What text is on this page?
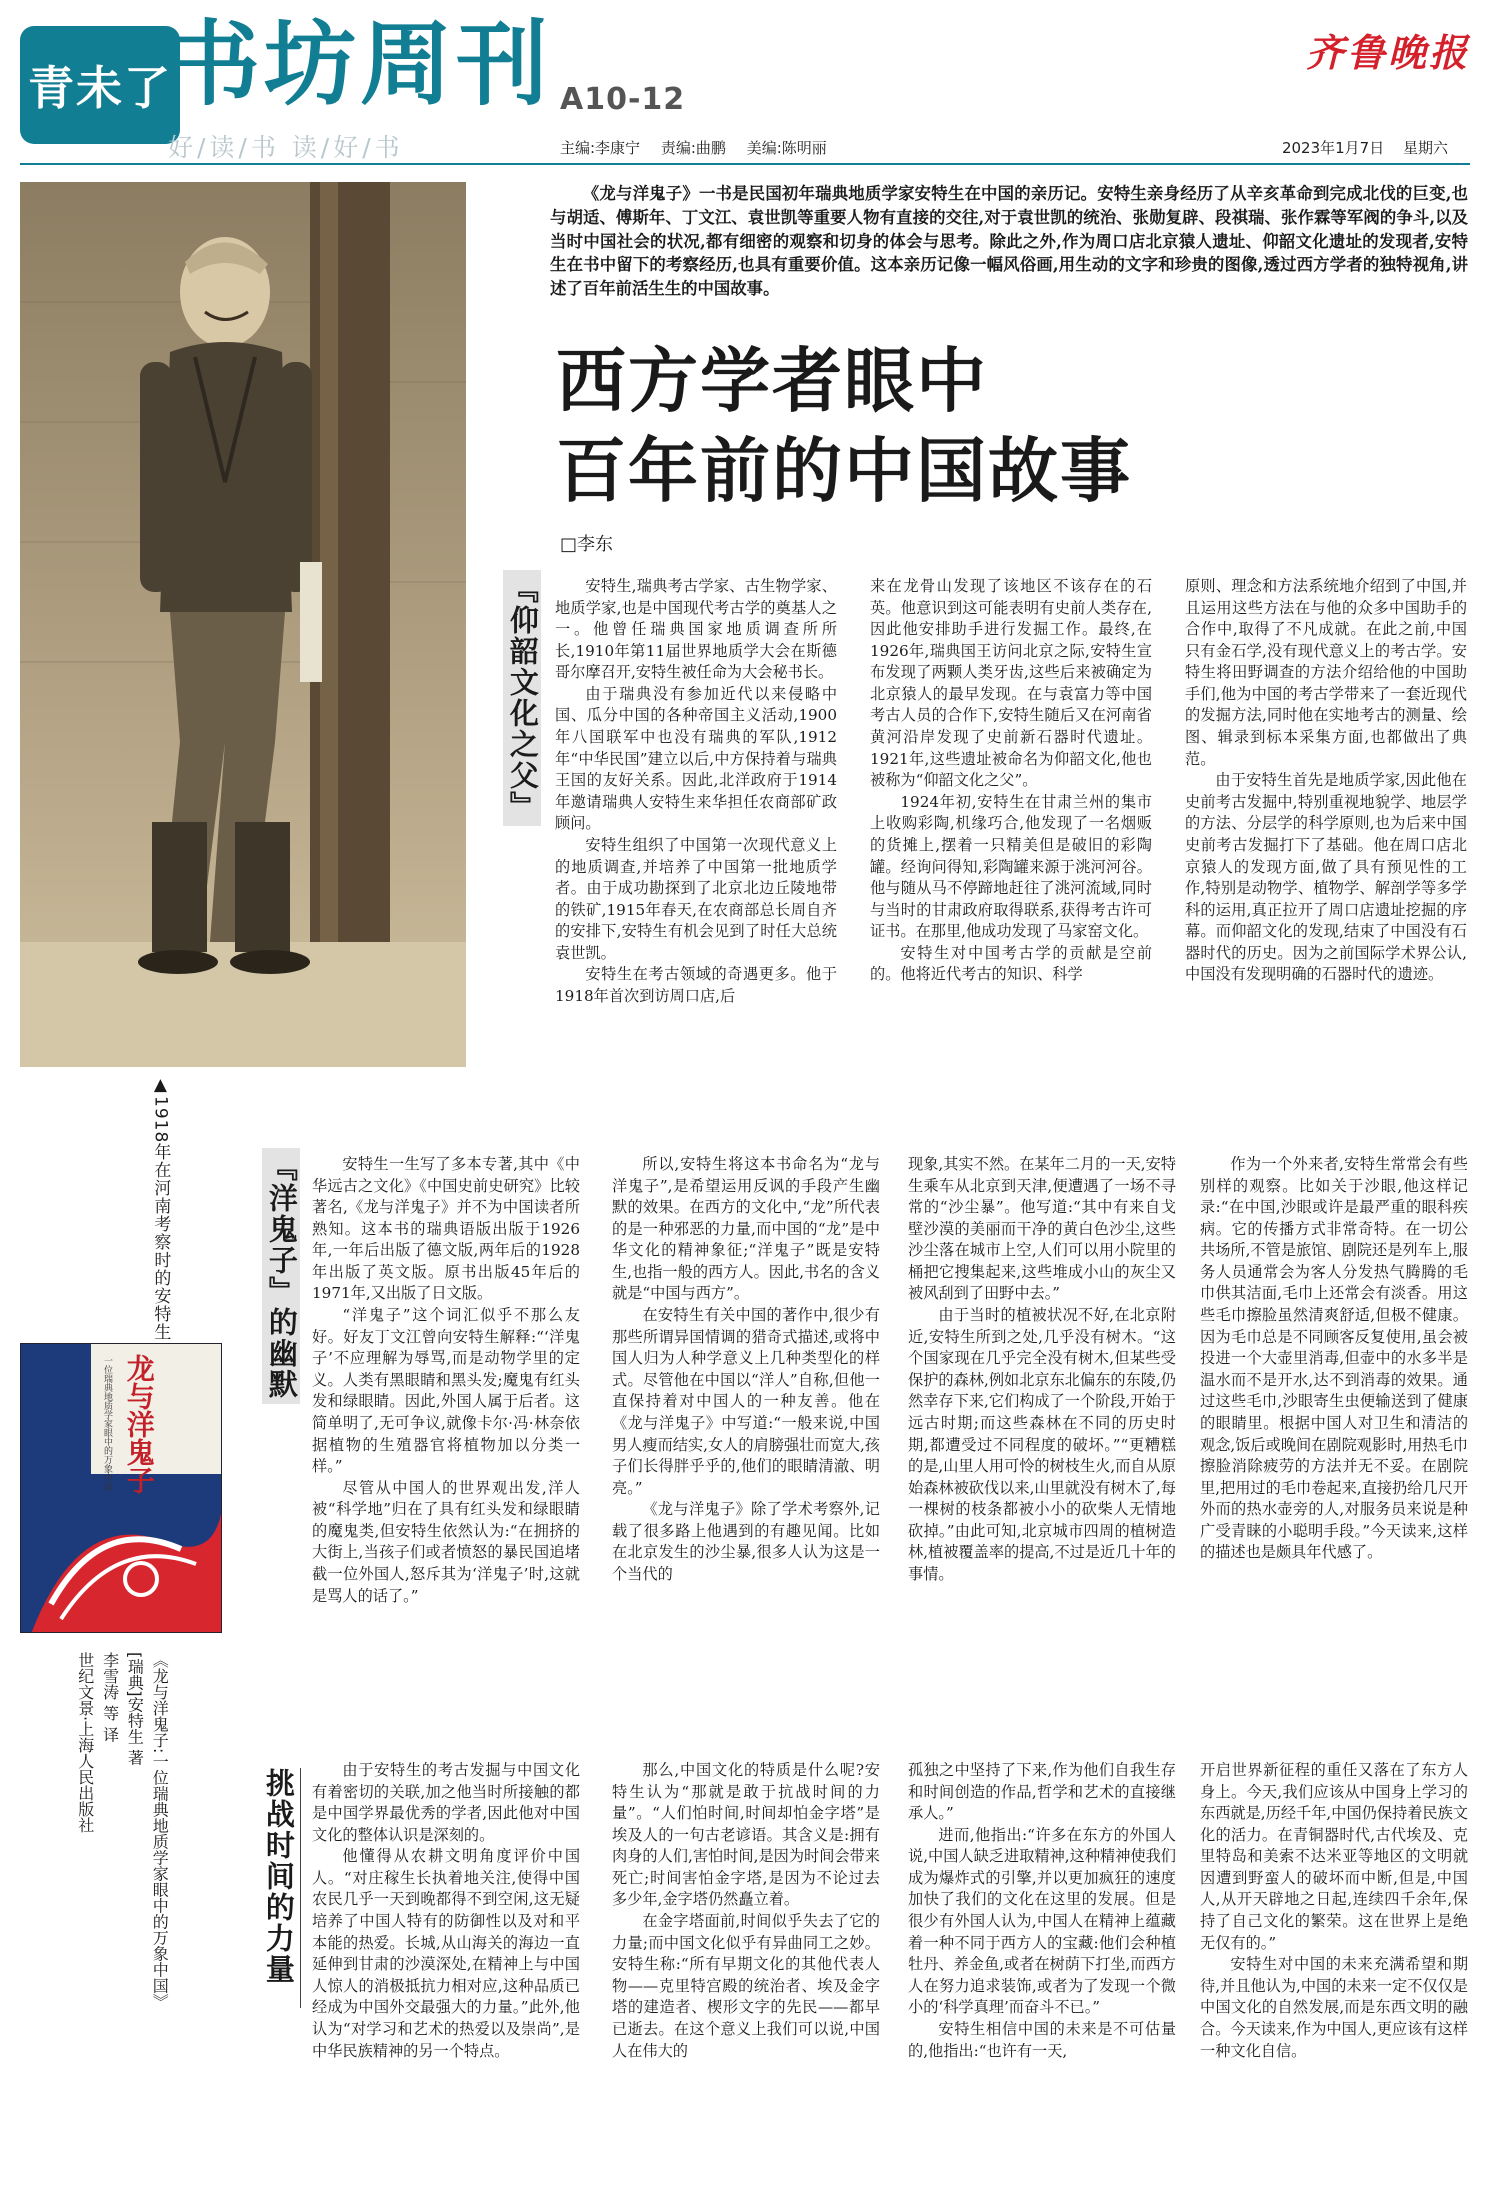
青未了
书坊周刊 A10-12
好/读/书 读/好/书
齐鲁晚报
主编:李康宁 责编:曲鹏 美编:陈明丽	2023年1月7日 星期六
▲1918年在河南考察时的安特生
《龙与洋鬼子》一书是民国初年瑞典地质学家安特生在中国的亲历记。安特生亲身经历了从辛亥革命到完成北伐的巨变,也与胡适、傅斯年、丁文江、袁世凯等重要人物有直接的交往,对于袁世凯的统治、张勋复辟、段祺瑞、张作霖等军阀的争斗,以及当时中国社会的状况,都有细密的观察和切身的体会与思考。除此之外,作为周口店北京猿人遗址、仰韶文化遗址的发现者,安特生在书中留下的考察经历,也具有重要价值。这本亲历记像一幅风俗画,用生动的文字和珍贵的图像,透过西方学者的独特视角,讲述了百年前活生生的中国故事。
西方学者眼中
百年前的中国故事
□李东
『仰韶文化之父』	安特生,瑞典考古学家、古生物学家、地质学家,也是中国现代考古学的奠基人之一。他曾任瑞典国家地质调查所所长,1910年第11届世界地质学大会在斯德哥尔摩召开,安特生被任命为大会秘书长。

由于瑞典没有参加近代以来侵略中国、瓜分中国的各种帝国主义活动,1900年八国联军中也没有瑞典的军队,1912年“中华民国”建立以后,中方保持着与瑞典王国的友好关系。因此,北洋政府于1914年邀请瑞典人安特生来华担任农商部矿政顾问。

安特生组织了中国第一次现代意义上的地质调查,并培养了中国第一批地质学者。由于成功勘探到了北京北边丘陵地带的铁矿,1915年春天,在农商部总长周自齐的安排下,安特生有机会见到了时任大总统袁世凯。

安特生在考古领域的奇遇更多。他于1918年首次到访周口店,后

来在龙骨山发现了该地区不该存在的石英。他意识到这可能表明有史前人类存在,因此他安排助手进行发掘工作。最终,在1926年,瑞典国王访问北京之际,安特生宣布发现了两颗人类牙齿,这些后来被确定为北京猿人的最早发现。在与袁富力等中国考古人员的合作下,安特生随后又在河南省黄河沿岸发现了史前新石器时代遗址。1921年,这些遗址被命名为仰韶文化,他也被称为“仰韶文化之父”。

1924年初,安特生在甘肃兰州的集市上收购彩陶,机缘巧合,他发现了一名烟贩的货摊上,摆着一只精美但是破旧的彩陶罐。经询问得知,彩陶罐来源于洮河河谷。他与随从马不停蹄地赶往了洮河流域,同时与当时的甘肃政府取得联系,获得考古许可证书。在那里,他成功发现了马家窑文化。

安特生对中国考古学的贡献是空前的。他将近代考古的知识、科学

原则、理念和方法系统地介绍到了中国,并且运用这些方法在与他的众多中国助手的合作中,取得了不凡成就。在此之前,中国只有金石学,没有现代意义上的考古学。安特生将田野调查的方法介绍给他的中国助手们,他为中国的考古学带来了一套近现代的发掘方法,同时他在实地考古的测量、绘图、辑录到标本采集方面,也都做出了典范。

由于安特生首先是地质学家,因此他在史前考古发掘中,特别重视地貌学、地层学的方法、分层学的科学原则,也为后来中国史前考古发掘打下了基础。他在周口店北京猿人的发现方面,做了具有预见性的工作,特别是动物学、植物学、解剖学等多学科的运用,真正拉开了周口店遗址挖掘的序幕。而仰韶文化的发现,结束了中国没有石器时代的历史。因为之前国际学术界公认,中国没有发现明确的石器时代的遗迹。

『洋鬼子』的幽默	安特生一生写了多本专著,其中《中华远古之文化》《中国史前史研究》比较著名,《龙与洋鬼子》并不为中国读者所熟知。这本书的瑞典语版出版于1926年,一年后出版了德文版,两年后的1928年出版了英文版。原书出版45年后的1971年,又出版了日文版。

“洋鬼子”这个词汇似乎不那么友好。好友丁文江曾向安特生解释:“‘洋鬼子’不应理解为辱骂,而是动物学里的定义。人类有黑眼睛和黑头发;魔鬼有红头发和绿眼睛。因此,外国人属于后者。这简单明了,无可争议,就像卡尔·冯·林奈依据植物的生殖器官将植物加以分类一样。”

尽管从中国人的世界观出发,洋人被“科学地”归在了具有红头发和绿眼睛的魔鬼类,但安特生依然认为:“在拥挤的大街上,当孩子们或者愤怒的暴民国追堵截一位外国人,怒斥其为‘洋鬼子’时,这就是骂人的话了。”

所以,安特生将这本书命名为“龙与洋鬼子”,是希望运用反讽的手段产生幽默的效果。在西方的文化中,“龙”所代表的是一种邪恶的力量,而中国的“龙”是中华文化的精神象征;“洋鬼子”既是安特生,也指一般的西方人。因此,书名的含义就是“中国与西方”。

在安特生有关中国的著作中,很少有那些所谓异国情调的猎奇式描述,或将中国人归为人种学意义上几种类型化的样式。尽管他在中国以“洋人”自称,但他一直保持着对中国人的一种友善。他在《龙与洋鬼子》中写道:“一般来说,中国男人瘦而结实,女人的肩膀强壮而宽大,孩子们长得胖乎乎的,他们的眼睛清澈、明亮。”

《龙与洋鬼子》除了学术考察外,记载了很多路上他遇到的有趣见闻。比如在北京发生的沙尘暴,很多人认为这是一个当代的

现象,其实不然。在某年二月的一天,安特生乘车从北京到天津,便遭遇了一场不寻常的“沙尘暴”。他写道:“其中有来自戈壁沙漠的美丽而干净的黄白色沙尘,这些沙尘落在城市上空,人们可以用小院里的桶把它搜集起来,这些堆成小山的灰尘又被风刮到了田野中去。”

由于当时的植被状况不好,在北京附近,安特生所到之处,几乎没有树木。“这个国家现在几乎完全没有树木,但某些受保护的森林,例如北京东北偏东的东陵,仍然幸存下来,它们构成了一个阶段,开始于远古时期;而这些森林在不同的历史时期,都遭受过不同程度的破坏。”“更糟糕的是,山里人用可怜的树枝生火,而自从原始森林被砍伐以来,山里就没有树木了,每一棵树的枝条都被小小的砍柴人无情地砍掉。”由此可知,北京城市四周的植树造林,植被覆盖率的提高,不过是近几十年的事情。

作为一个外来者,安特生常常会有些别样的观察。比如关于沙眼,他这样记录:“在中国,沙眼或许是最严重的眼科疾病。它的传播方式非常奇特。在一切公共场所,不管是旅馆、剧院还是列车上,服务人员通常会为客人分发热气腾腾的毛巾供其洁面,毛巾上还常会有淡香。用这些毛巾擦脸虽然清爽舒适,但极不健康。因为毛巾总是不同顾客反复使用,虽会被投进一个大壶里消毒,但壶中的水多半是温水而不是开水,达不到消毒的效果。通过这些毛巾,沙眼寄生虫便输送到了健康的眼睛里。根据中国人对卫生和清洁的观念,饭后或晚间在剧院观影时,用热毛巾擦脸消除疲劳的方法并无不妥。在剧院里,把用过的毛巾卷起来,直接扔给几尺开外而的热水壶旁的人,对服务员来说是种广受青睐的小聪明手段。”今天读来,这样的描述也是颇具年代感了。

挑战时间的力量	由于安特生的考古发掘与中国文化有着密切的关联,加之他当时所接触的都是中国学界最优秀的学者,因此他对中国文化的整体认识是深刻的。

他懂得从农耕文明角度评价中国人。“对庄稼生长执着地关注,使得中国农民几乎一天到晚都得不到空闲,这无疑培养了中国人特有的防御性以及对和平本能的热爱。长城,从山海关的海边一直延伸到甘肃的沙漠深处,在精神上与中国人惊人的消极抵抗力相对应,这种品质已经成为中国外交最强大的力量。”此外,他认为“对学习和艺术的热爱以及崇尚”,是中华民族精神的另一个特点。

那么,中国文化的特质是什么呢?安特生认为“那就是敢于抗战时间的力量”。“人们怕时间,时间却怕金字塔”是埃及人的一句古老谚语。其含义是:拥有肉身的人们,害怕时间,是因为时间会带来死亡;时间害怕金字塔,是因为不论过去多少年,金字塔仍然矗立着。

在金字塔面前,时间似乎失去了它的力量;而中国文化似乎有异曲同工之妙。安特生称:“所有早期文化的其他代表人物——克里特宫殿的统治者、埃及金字塔的建造者、楔形文字的先民——都早已逝去。在这个意义上我们可以说,中国人在伟大的

孤独之中坚持了下来,作为他们自我生存和时间创造的作品,哲学和艺术的直接继承人。”

进而,他指出:“许多在东方的外国人说,中国人缺乏进取精神,这种精神使我们成为爆炸式的引擎,并以更加疯狂的速度加快了我们的文化在这里的发展。但是很少有外国人认为,中国人在精神上蕴藏着一种不同于西方人的宝藏:他们会种植牡丹、养金鱼,或者在树荫下打坐,而西方人在努力追求装饰,或者为了发现一个微小的‘科学真理’而奋斗不已。”

安特生相信中国的未来是不可估量的,他指出:“也许有一天,

开启世界新征程的重任又落在了东方人身上。今天,我们应该从中国身上学习的东西就是,历经千年,中国仍保持着民族文化的活力。在青铜器时代,古代埃及、克里特岛和美索不达米亚等地区的文明就因遭到野蛮人的破坏而中断,但是,中国人,从开天辟地之日起,连续四千余年,保持了自己文化的繁荣。这在世界上是绝无仅有的。”

安特生对中国的未来充满希望和期待,并且他认为,中国的未来一定不仅仅是中国文化的自然发展,而是东西文明的融合。今天读来,作为中国人,更应该有这样一种文化自信。

龙与洋鬼子
一位瑞典地质学家眼中的万象中国
《龙与洋鬼子:一位瑞典地质学家眼中的万象中国》
[瑞典]安特生 著
李雪涛 等 译
世纪文景·上海人民出版社
